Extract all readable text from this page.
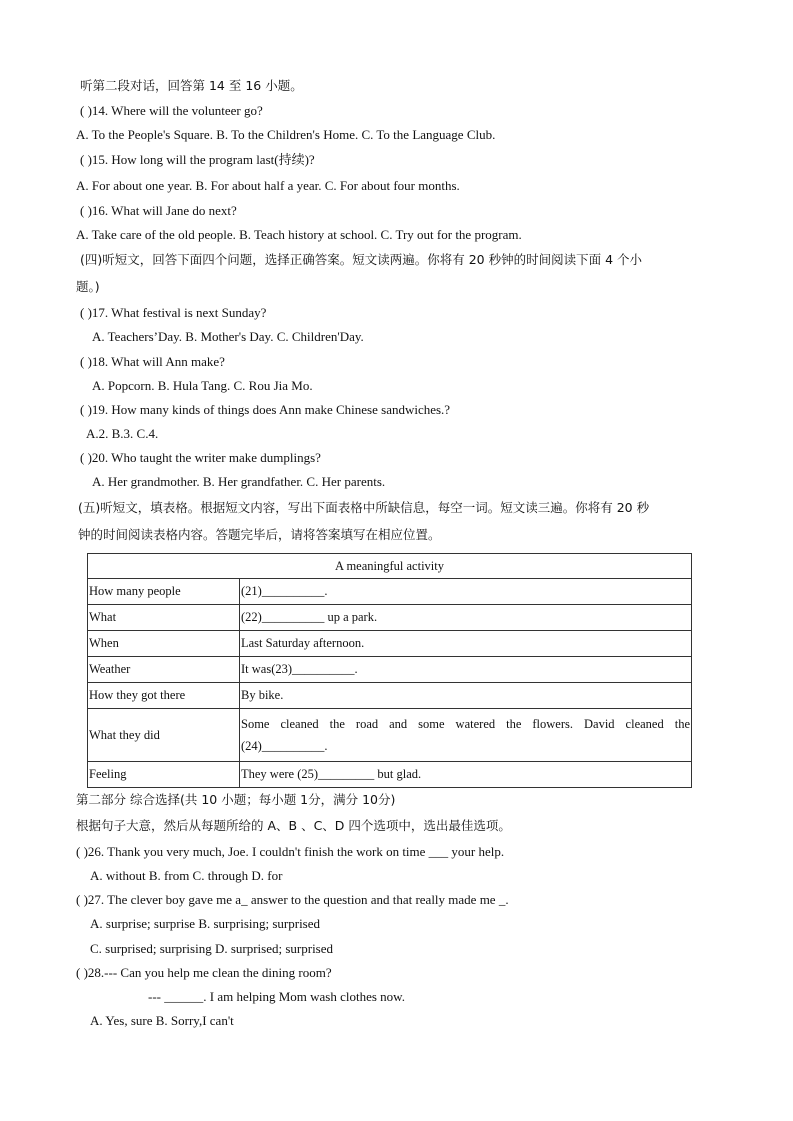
听第二段对话，回答第 14 至 16 小题。
( )14. Where will the volunteer go?
A. To the People's Square. B. To the Children's Home. C. To the Language Club.
( )15. How long will the program last(持续)?
A. For about one year. B. For about half a year. C. For about four months.
( )16. What will Jane do next?
A. Take care of the old people. B. Teach history at school. C. Try out for the program.
(四)听短文，回答下面四个问题，选择正确答案。短文读两遍。你将有 20 秒钟的时间阅读下面 4 个小
题。)
( )17. What festival is next Sunday?
A. Teachers’Day. B. Mother's Day. C. Children'Day.
( )18. What will Ann make?
A. Popcorn. B. Hula Tang. C. Rou Jia Mo.
( )19. How many kinds of things does Ann make Chinese sandwiches.?
A.2. B.3. C.4.
( )20. Who taught the writer make dumplings?
A. Her grandmother. B. Her grandfather. C. Her parents.
(五)听短文，填表格。根据短文内容，写出下面表格中所缺信息，每空一词。短文读三遍。你将有 20 秒
钟的时间阅读表格内容。答题完毕后，请将答案填写在相应位置。
A meaningful activity	
How many people	(21)__________.
What	(22)__________ up a park.
When	Last Saturday afternoon.
Weather	It was(23)__________.
How they got there	By bike.
What they did	Some cleaned the road and some watered the flowers. David cleaned the (24)__________.
Feeling	They were (25)_________ but glad.
第二部分 综合选择(共 10 小题；每小题 1分，满分 10分)
根据句子大意，然后从每题所给的 A、B 、C、D 四个选项中，选出最佳选项。
( )26. Thank you very much, Joe. I couldn't finish the work on time ___ your help.
A. without B. from C. through D. for
( )27. The clever boy gave me a_ answer to the question and that really made me _.
A. surprise; surprise B. surprising; surprised
C. surprised; surprising D. surprised; surprised
( )28.--- Can you help me clean the dining room?
--- ______. I am helping Mom wash clothes now.
A. Yes, sure B. Sorry,I can't
